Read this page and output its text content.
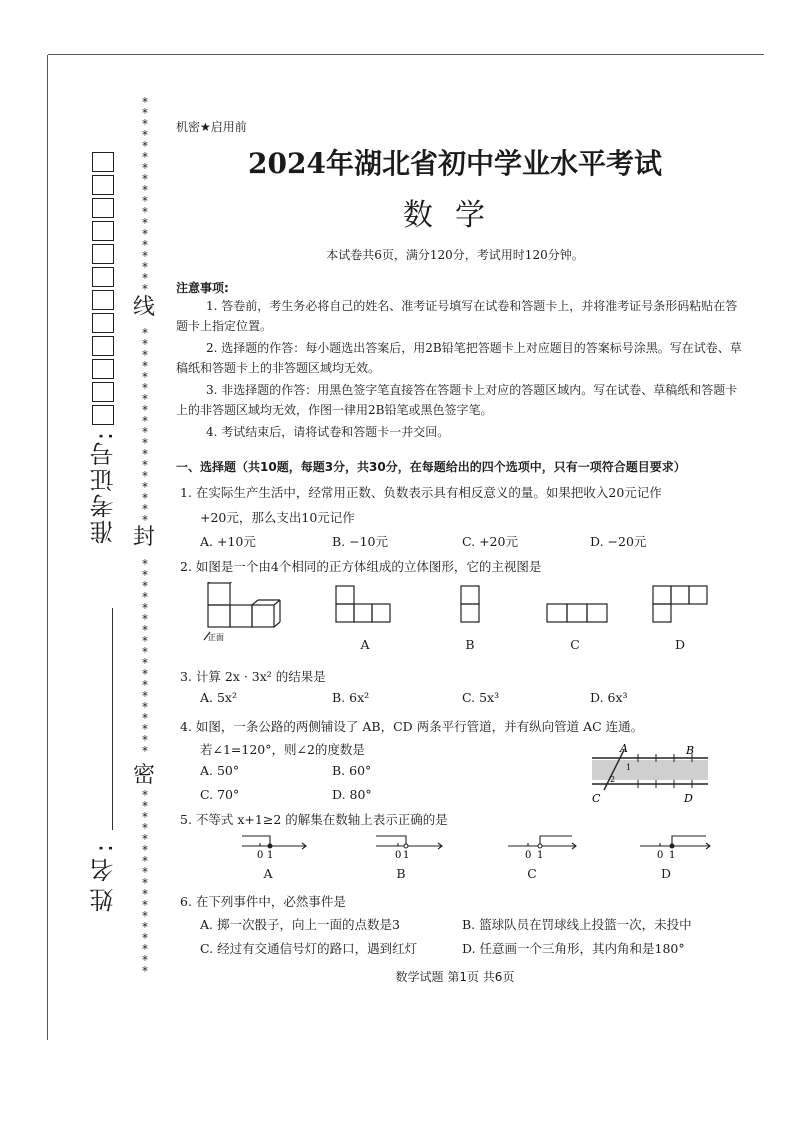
*
*
*
*
*
*
*
*
*
*
*
*
*
*
*
*
*
*
*
*
*
*
*
*
*
*
*
*
*
*
*
*
*
*
*
*
*
*
*
*
*
*
*
*
*
*
*
*
*
*
*
*
*
*
*
*
*
*
*
*
*
*
*
*
*
*
*
*
*
*
*
线
封
密
准考证号:
姓名:
机密★启用前
2024年湖北省初中学业水平考试
数学
本试卷共6页，满分120分，考试用时120分钟。
注意事项:
1. 答卷前，考生务必将自己的姓名、准考证号填写在试卷和答题卡上，并将准考证号条形码粘贴在答题卡上指定位置。
2. 选择题的作答：每小题选出答案后，用2B铅笔把答题卡上对应题目的答案标号涂黑。写在试卷、草稿纸和答题卡上的非答题区域均无效。
3. 非选择题的作答：用黑色签字笔直接答在答题卡上对应的答题区域内。写在试卷、草稿纸和答题卡上的非答题区域均无效，作图一律用2B铅笔或黑色签字笔。
4. 考试结束后，请将试卷和答题卡一并交回。
一、选择题（共10题，每题3分，共30分，在每题给出的四个选项中，只有一项符合题目要求）
1. 在实际生产生活中，经常用正数、负数表示具有相反意义的量。如果把收入20元记作
+20元，那么支出10元记作
A. +10元	B. −10元	C. +20元	D. −20元
2. 如图是一个由4个相同的正方体组成的立体图形，它的主视图是
正面	A	B	C	D
3. 计算 2x · 3x² 的结果是
A. 5x²	B. 6x²	C. 5x³	D. 6x³
4. 如图，一条公路的两侧铺设了 AB，CD 两条平行管道，并有纵向管道 AC 连通。
若∠1=120°，则∠2的度数是
A. 50°	B. 60°
C. 70°	D. 80°
A	B
C	D
1
2
5. 不等式 x+1≥2 的解集在数轴上表示正确的是
0 1	0 1	0 1	0 1
A	B	C	D
6. 在下列事件中，必然事件是
A. 掷一次骰子，向上一面的点数是3	B. 篮球队员在罚球线上投篮一次，未投中
C. 经过有交通信号灯的路口，遇到红灯	D. 任意画一个三角形，其内角和是180°
数学试题 第1页 共6页
